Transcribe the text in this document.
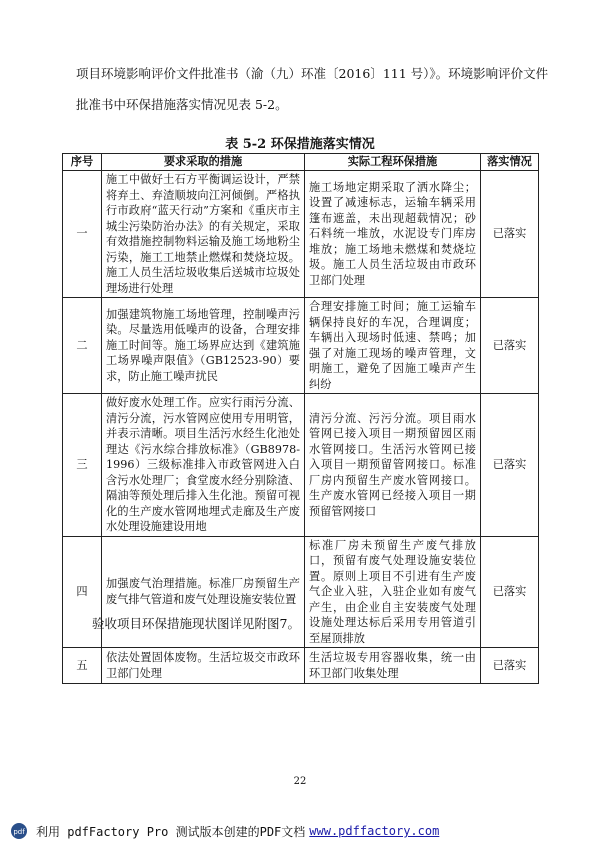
项目环境影响评价文件批准书（渝（九）环准〔2016〕111 号）》。环境影响评价文件
批准书中环保措施落实情况见表 5-2。
表 5-2 环保措施落实情况
序号	要求采取的措施	实际工程环保措施	落实情况
一	施工中做好土石方平衡调运设计，严禁将弃土、弃渣顺坡向江河倾倒。严格执行市政府“蓝天行动”方案和《重庆市主城尘污染防治办法》的有关规定，采取有效措施控制物料运输及施工场地粉尘污染，施工工地禁止燃煤和焚烧垃圾。施工人员生活垃圾收集后送城市垃圾处理场进行处理	施工场地定期采取了洒水降尘；设置了减速标志，运输车辆采用篷布遮盖，未出现超载情况；砂石料统一堆放，水泥设专门库房堆放；施工场地未燃煤和焚烧垃圾。施工人员生活垃圾由市政环卫部门处理	已落实
二	加强建筑物施工场地管理，控制噪声污染。尽量选用低噪声的设备，合理安排施工时间等。施工场界应达到《建筑施工场界噪声限值》（GB12523-90）要求，防止施工噪声扰民	合理安排施工时间；施工运输车辆保持良好的车况，合理调度；车辆出入现场时低速、禁鸣；加强了对施工现场的噪声管理，文明施工，避免了因施工噪声产生纠纷	已落实
三	做好废水处理工作。应实行雨污分流、清污分流，污水管网应使用专用明管，并表示清晰。项目生活污水经生化池处理达《污水综合排放标准》（GB8978-1996）三级标准排入市政管网进入白含污水处理厂；食堂废水经分别除渣、隔油等预处理后排入生化池。预留可视化的生产废水管网地埋式走廊及生产废水处理设施建设用地	清污分流、污污分流。项目雨水管网已接入项目一期预留园区雨水管网接口。生活污水管网已接入项目一期预留管网接口。标准厂房内预留生产废水管网接口。生产废水管网已经接入项目一期预留管网接口	已落实
四	加强废气治理措施。标准厂房预留生产废气排气管道和废气处理设施安装位置	标准厂房未预留生产废气排放口，预留有废气处理设施安装位置。原则上项目不引进有生产废气企业入驻，入驻企业如有废气产生，由企业自主安装废气处理设施处理达标后采用专用管道引至屋顶排放	已落实
五	依法处置固体废物。生活垃圾交市政环卫部门处理	生活垃圾专用容器收集，统一由环卫部门收集处理	已落实
验收项目环保措施现状图详见附图7。
22
pdf 利用 pdfFactory Pro 测试版本创建的PDF文档 www.pdffactory.com
